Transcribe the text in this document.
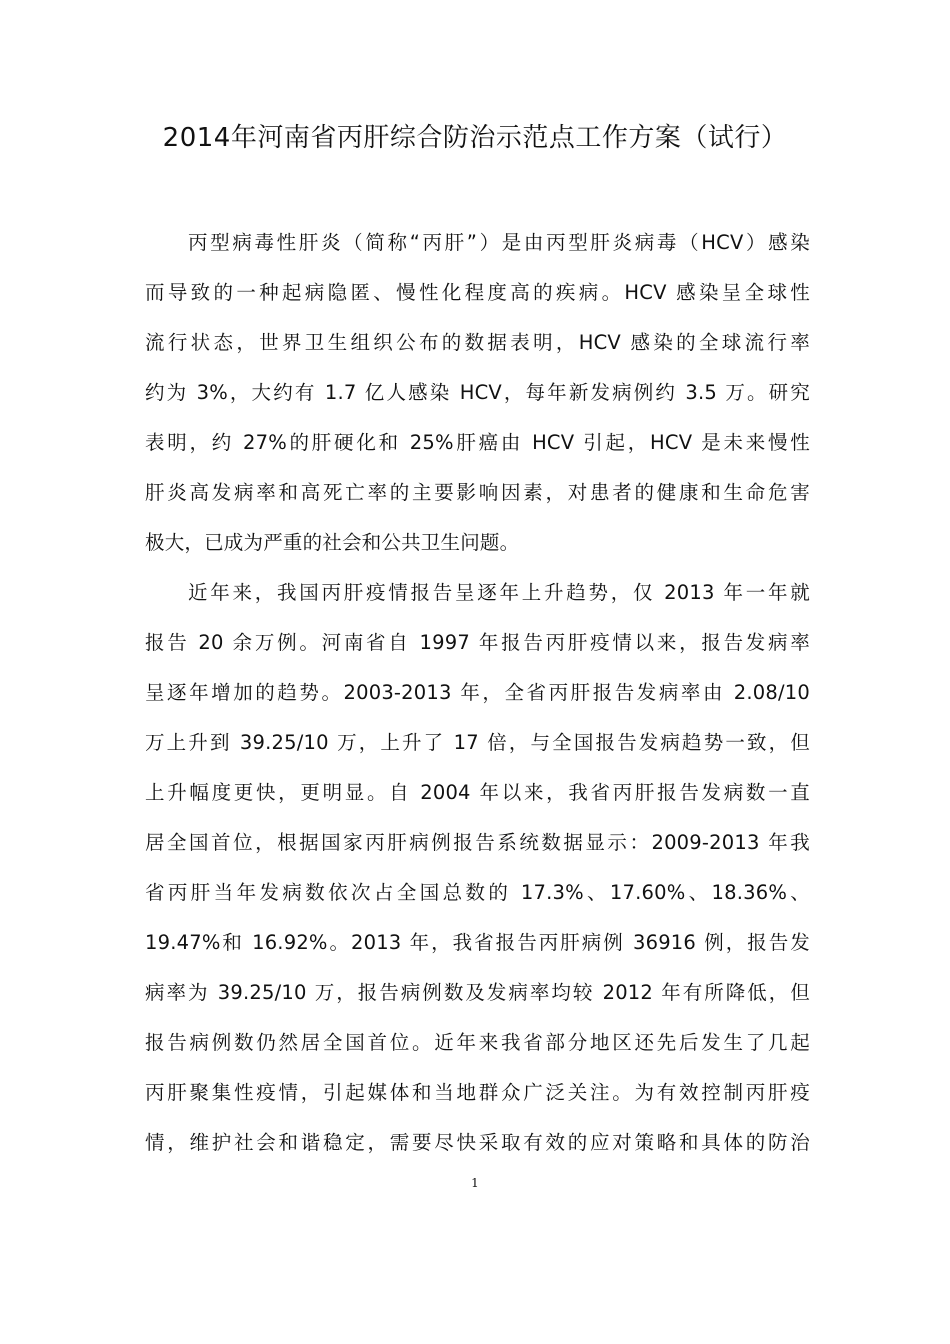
2014年河南省丙肝综合防治示范点工作方案（试行）
丙型病毒性肝炎（简称“丙肝”）是由丙型肝炎病毒（HCV）感染
而导致的一种起病隐匿、慢性化程度高的疾病。HCV 感染呈全球性
流行状态，世界卫生组织公布的数据表明，HCV 感染的全球流行率
约为 3%，大约有 1.7 亿人感染 HCV，每年新发病例约 3.5 万。研究
表明，约 27%的肝硬化和 25%肝癌由 HCV 引起，HCV 是未来慢性
肝炎高发病率和高死亡率的主要影响因素，对患者的健康和生命危害
极大，已成为严重的社会和公共卫生问题。
近年来，我国丙肝疫情报告呈逐年上升趋势，仅 2013 年一年就
报告 20 余万例。河南省自 1997 年报告丙肝疫情以来，报告发病率
呈逐年增加的趋势。2003-2013 年，全省丙肝报告发病率由 2.08/10
万上升到 39.25/10 万，上升了 17 倍，与全国报告发病趋势一致，但
上升幅度更快，更明显。自 2004 年以来，我省丙肝报告发病数一直
居全国首位，根据国家丙肝病例报告系统数据显示：2009-2013 年我
省丙肝当年发病数依次占全国总数的 17.3%、17.60%、18.36%、
19.47%和 16.92%。2013 年，我省报告丙肝病例 36916 例，报告发
病率为 39.25/10 万，报告病例数及发病率均较 2012 年有所降低，但
报告病例数仍然居全国首位。近年来我省部分地区还先后发生了几起
丙肝聚集性疫情，引起媒体和当地群众广泛关注。为有效控制丙肝疫
情，维护社会和谐稳定，需要尽快采取有效的应对策略和具体的防治
1
